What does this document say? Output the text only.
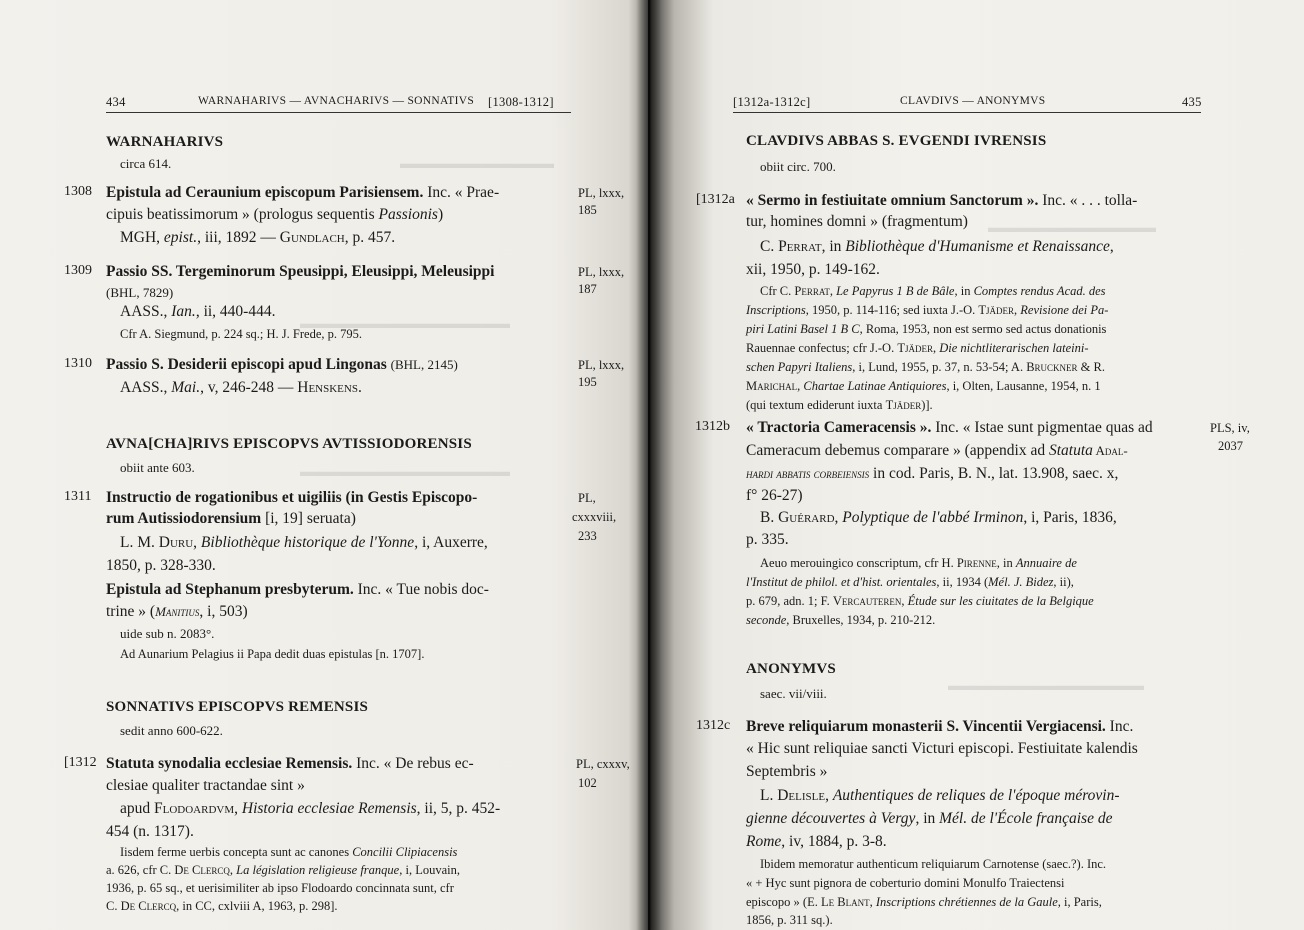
▬▬▬▬▬▬▬▬▬▬▬
▬▬▬▬▬▬▬▬▬▬▬▬▬▬▬
▬▬▬▬▬▬▬▬▬▬▬▬▬▬▬
434	WARNAHARIVS — AVNACHARIVS — SONNATIVS [1308-1312]
WARNAHARIVS
circa 614.
1308 Epistula ad Ceraunium episcopum Parisiensem. Inc. « Prae-
cipuis beatissimorum » (prologus sequentis Passionis)
MGH, epist., iii, 1892 — Gundlach, p. 457.
PL, lxxx,
185
1309 Passio SS. Tergeminorum Speusippi, Eleusippi, Meleusippi
(BHL, 7829)
AASS., Ian., ii, 440-444.
Cfr A. Siegmund, p. 224 sq.; H. J. Frede, p. 795.
PL, lxxx,
187
1310 Passio S. Desiderii episcopi apud Lingonas (BHL, 2145)
AASS., Mai., v, 246-248 — Henskens.
PL, lxxx,
195
AVNA[CHA]RIVS EPISCOPVS AVTISSIODORENSIS
obiit ante 603.
1311 Instructio de rogationibus et uigiliis (in Gestis Episcopo-
rum Autissiodorensium [i, 19] seruata)
L. M. Duru, Bibliothèque historique de l'Yonne, i, Auxerre,
1850, p. 328-330.
PL,
cxxxviii,
233
Epistula ad Stephanum presbyterum. Inc. « Tue nobis doc-
trine » (Manitius, i, 503)
uide sub n. 2083°.
Ad Aunarium Pelagius ii Papa dedit duas epistulas [n. 1707].
SONNATIVS EPISCOPVS REMENSIS
sedit anno 600-622.
[1312 Statuta synodalia ecclesiae Remensis. Inc. « De rebus ec-
clesiae qualiter tractandae sint »
apud Flodoardvm, Historia ecclesiae Remensis, ii, 5, p. 452-
454 (n. 1317).
Iisdem ferme uerbis concepta sunt ac canones Concilii Clipiacensis
a. 626, cfr C. De Clercq, La législation religieuse franque, i, Louvain,
1936, p. 65 sq., et uerisimiliter ab ipso Flodoardo concinnata sunt, cfr
C. De Clercq, in CC, cxlviii A, 1963, p. 298].
PL, cxxxv,
102
▬▬▬▬▬▬▬▬▬▬▬▬
▬▬▬▬▬▬▬▬▬▬▬▬▬▬
[1312a-1312c]	CLAVDIVS — ANONYMVS	435
CLAVDIVS ABBAS S. EVGENDI IVRENSIS
obiit circ. 700.
[1312a « Sermo in festiuitate omnium Sanctorum ». Inc. « . . . tolla-
tur, homines domni » (fragmentum)
C. Perrat, in Bibliothèque d'Humanisme et Renaissance,
xii, 1950, p. 149-162.
Cfr C. Perrat, Le Papyrus 1 B de Bâle, in Comptes rendus Acad. des
Inscriptions, 1950, p. 114-116; sed iuxta J.-O. Tjäder, Revisione dei Pa-
piri Latini Basel 1 B C, Roma, 1953, non est sermo sed actus donationis
Rauennae confectus; cfr J.-O. Tjäder, Die nichtliterarischen lateini-
schen Papyri Italiens, i, Lund, 1955, p. 37, n. 53-54; A. Bruckner & R.
Marichal, Chartae Latinae Antiquiores, i, Olten, Lausanne, 1954, n. 1
(qui textum ediderunt iuxta Tjäder)].
1312b « Tractoria Cameracensis ». Inc. « Istae sunt pigmentae quas ad
Cameracum debemus comparare » (appendix ad Statuta Adal-
hardi abbatis corbeiensis in cod. Paris, B. N., lat. 13.908, saec. x,
f° 26-27)
B. Guérard, Polyptique de l'abbé Irminon, i, Paris, 1836,
p. 335.
Aeuo merouingico conscriptum, cfr H. Pirenne, in Annuaire de
l'Institut de philol. et d'hist. orientales, ii, 1934 (Mél. J. Bidez, ii),
p. 679, adn. 1; F. Vercauteren, Étude sur les ciuitates de la Belgique
seconde, Bruxelles, 1934, p. 210-212.
PLS, iv,
2037
ANONYMVS
saec. vii/viii.
1312c Breve reliquiarum monasterii S. Vincentii Vergiacensi. Inc.
« Hic sunt reliquiae sancti Victuri episcopi. Festiuitate kalendis
Septembris »
L. Delisle, Authentiques de reliques de l'époque mérovin-
gienne découvertes à Vergy, in Mél. de l'École française de
Rome, iv, 1884, p. 3-8.
Ibidem memoratur authenticum reliquiarum Carnotense (saec.?). Inc.
« + Hyc sunt pignora de coberturio domini Monulfo Traiectensi
episcopo » (E. Le Blant, Inscriptions chrétiennes de la Gaule, i, Paris,
1856, p. 311 sq.).
